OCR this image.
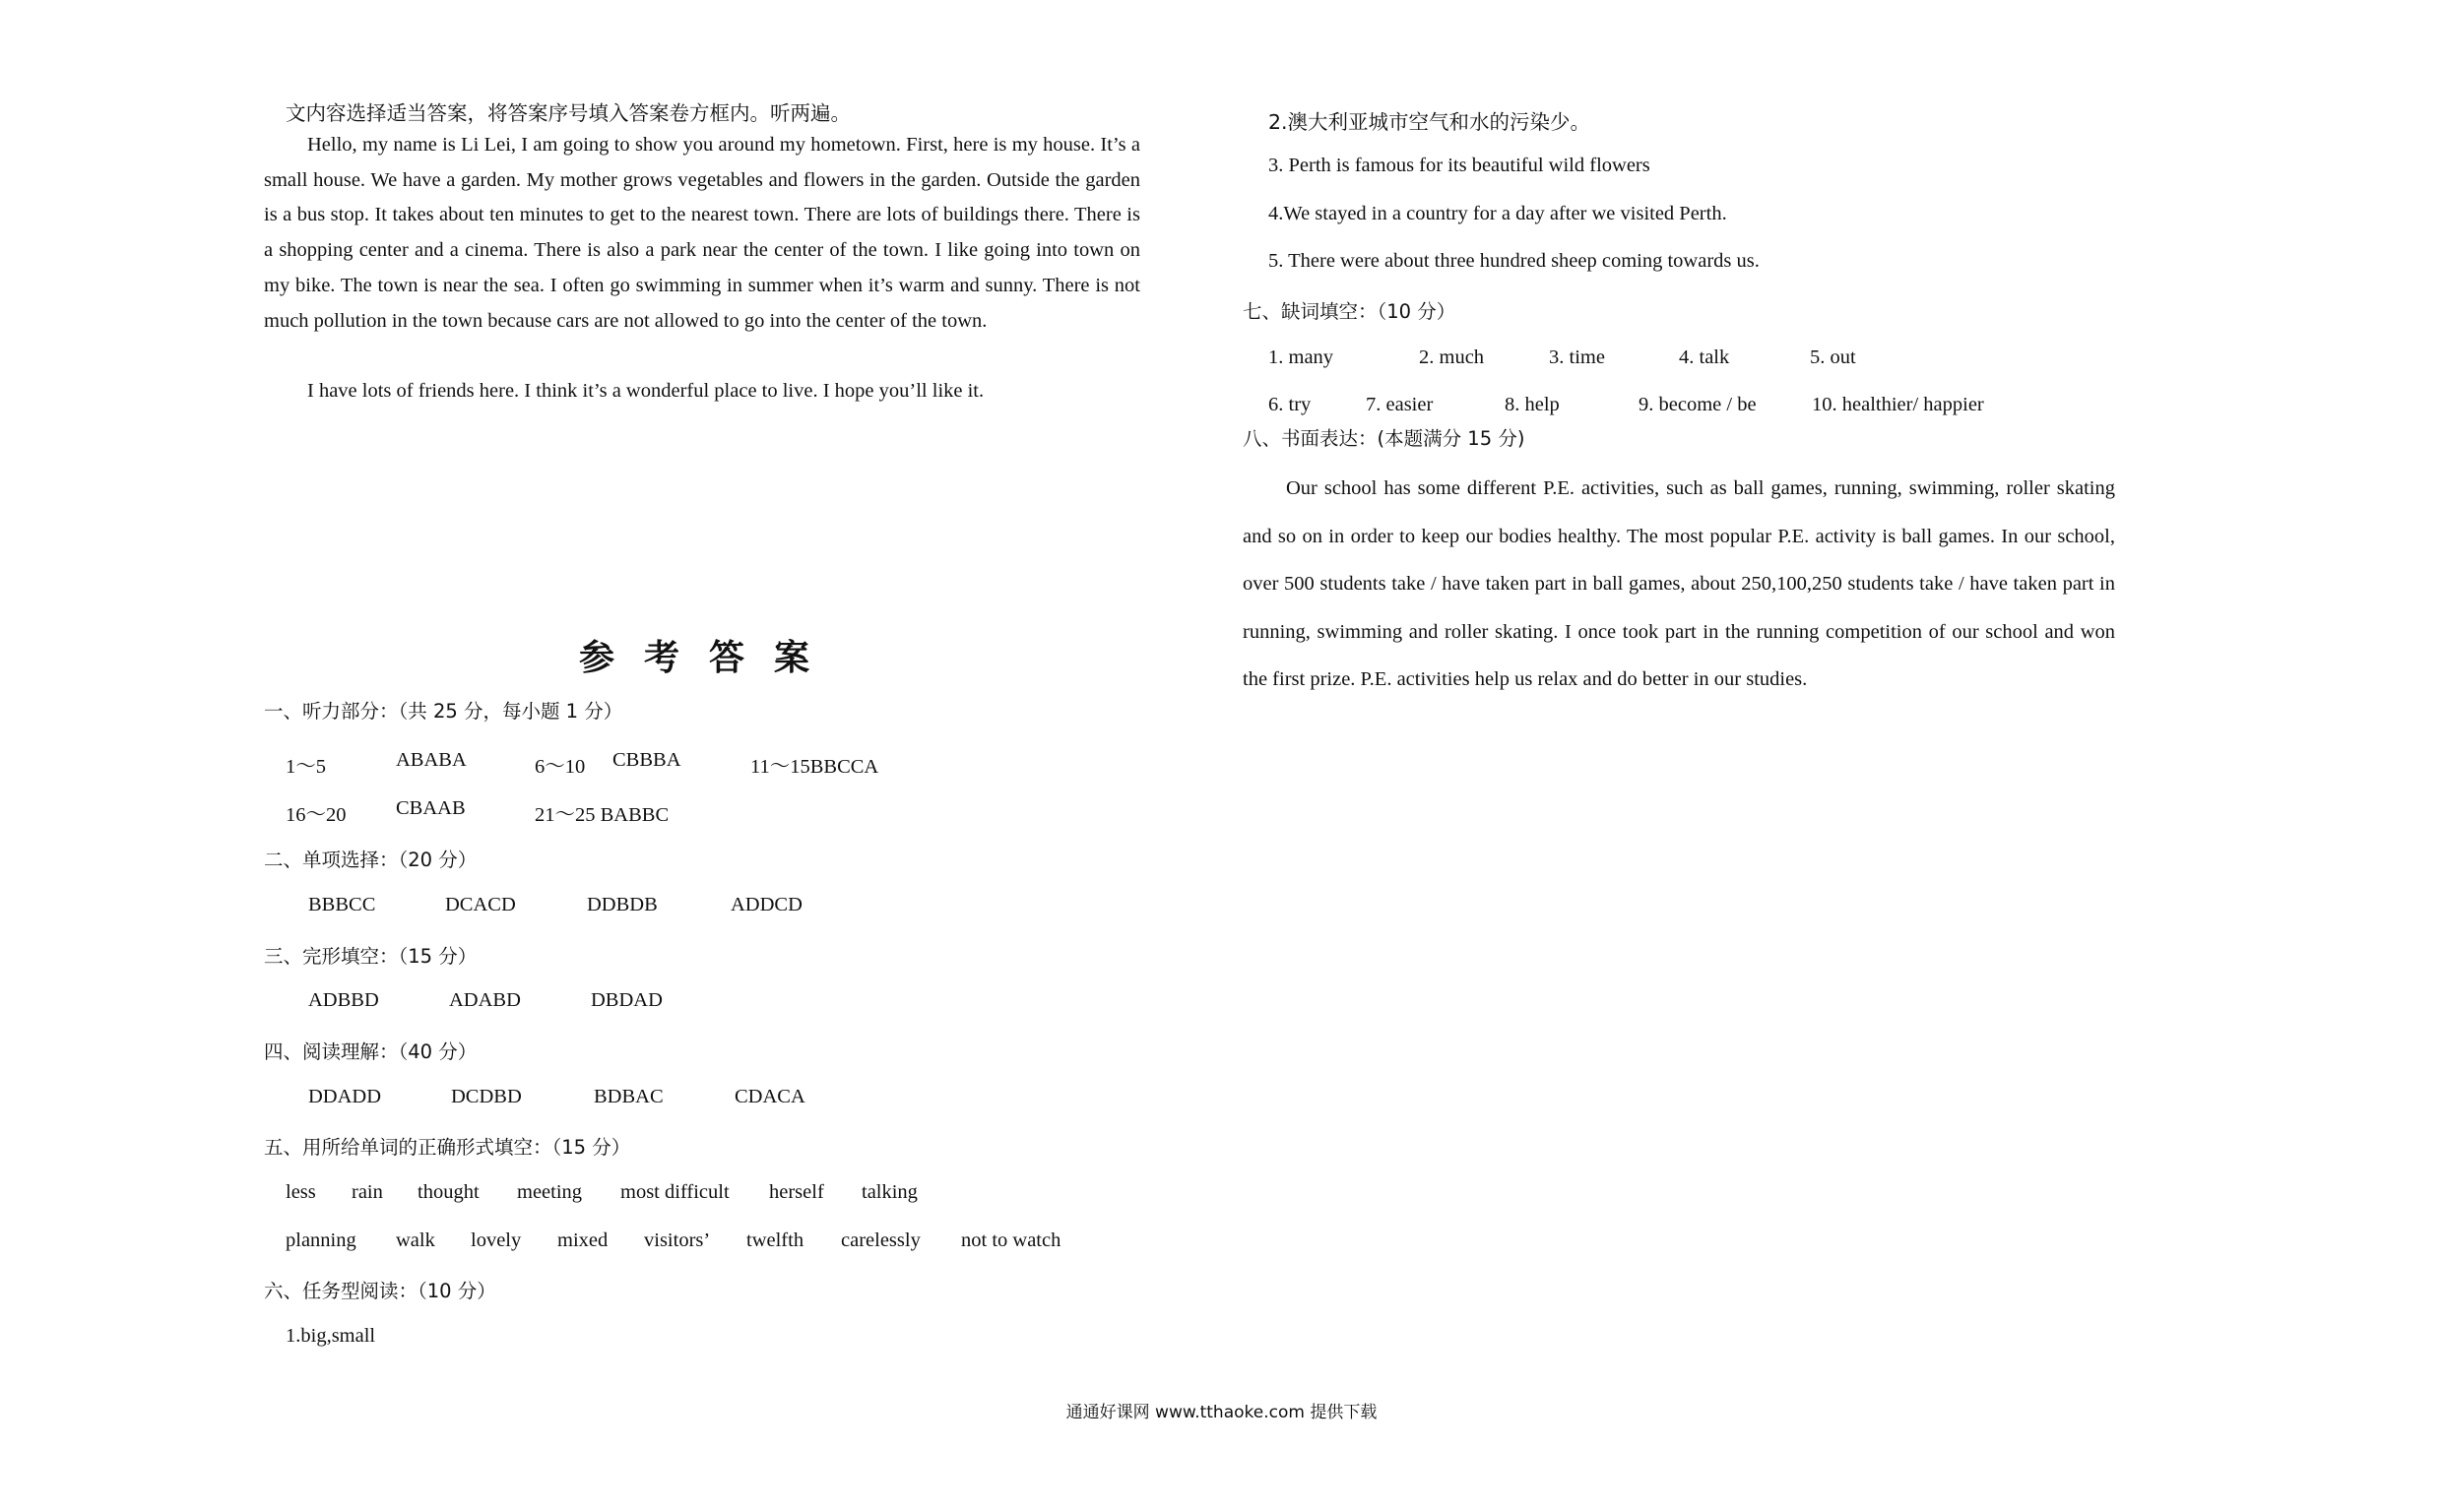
文内容选择适当答案，将答案序号填入答案卷方框内。听两遍。
Hello, my name is Li Lei, I am going to show you around my hometown. First, here is my house. It’s a small house. We have a garden. My mother grows vegetables and flowers in the garden. Outside the garden is a bus stop. It takes about ten minutes to get to the nearest town. There are lots of buildings there. There is a shopping center and a cinema. There is also a park near the center of the town. I like going into town on my bike. The town is near the sea. I often go swimming in summer when it’s warm and sunny. There is not much pollution in the town because cars are not allowed to go into the center of the town.
I have lots of friends here. I think it’s a wonderful place to live. I hope you’ll like it.
参考答案
一、听力部分：（共 25 分，每小题 1 分）
1～5	ABABA	6～10 CBBBA	11～15BBCCA
16～20 CBAAB	21～25 BABBC
二、单项选择：（20 分）
BBBCC	DCACD	DDBDB	ADDCD
三、完形填空：（15 分）
ADBBD	ADABD	DBDAD
四、阅读理解：（40 分）
DDADD	DCDBD	BDBAC	CDACA
五、用所给单词的正确形式填空：（15 分）
less rain thought meeting most difficult herself talking
planning walk lovely mixed visitors’ twelfth carelessly not to watch
六、任务型阅读：（10 分）
1.big,small
2.澳大利亚城市空气和水的污染少。
3. Perth is famous for its beautiful wild flowers
4.We stayed in a country for a day after we visited Perth.
5. There were about three hundred sheep coming towards us.
七、缺词填空：（10 分）
1. many	2. much	3. time	4. talk	5. out
6. try	7. easier	8. help	9. become / be	10. healthier/ happier
八、书面表达：(本题满分 15 分)
Our school has some different P.E. activities, such as ball games, running, swimming, roller skating and so on in order to keep our bodies healthy. The most popular P.E. activity is ball games. In our school, over 500 students take / have taken part in ball games, about 250,100,250 students take / have taken part in running, swimming and roller skating. I once took part in the running competition of our school and won the first prize. P.E. activities help us relax and do better in our studies.
通通好课网 www.tthaoke.com 提供下载
